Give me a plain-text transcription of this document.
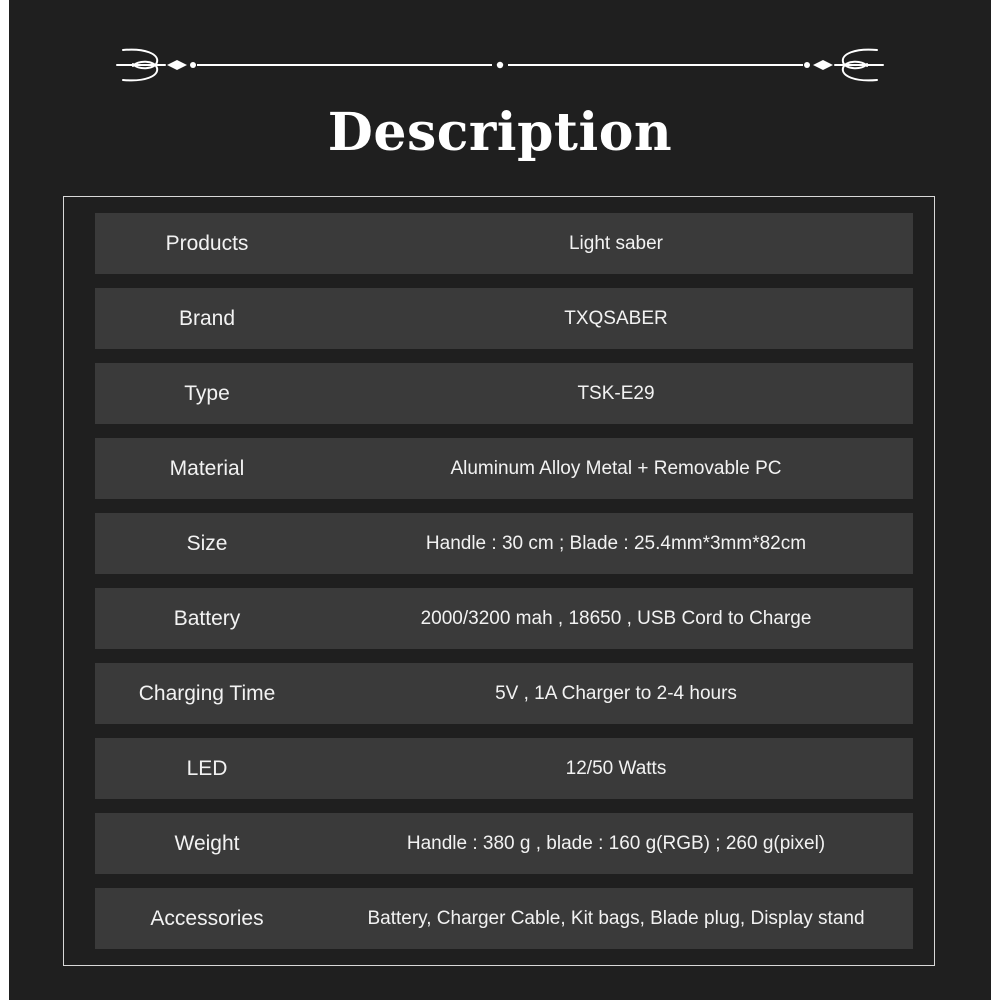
Description
Products	Light saber
Brand	TXQSABER
Type	TSK-E29
Material	Aluminum Alloy Metal + Removable PC
Size	Handle : 30 cm ; Blade : 25.4mm*3mm*82cm
Battery	2000/3200 mah , 18650 , USB Cord to Charge
Charging Time	5V , 1A Charger to 2-4 hours
LED	12/50 Watts
Weight	Handle : 380 g , blade : 160 g(RGB) ; 260 g(pixel)
Accessories	Battery, Charger Cable, Kit bags, Blade plug, Display stand
